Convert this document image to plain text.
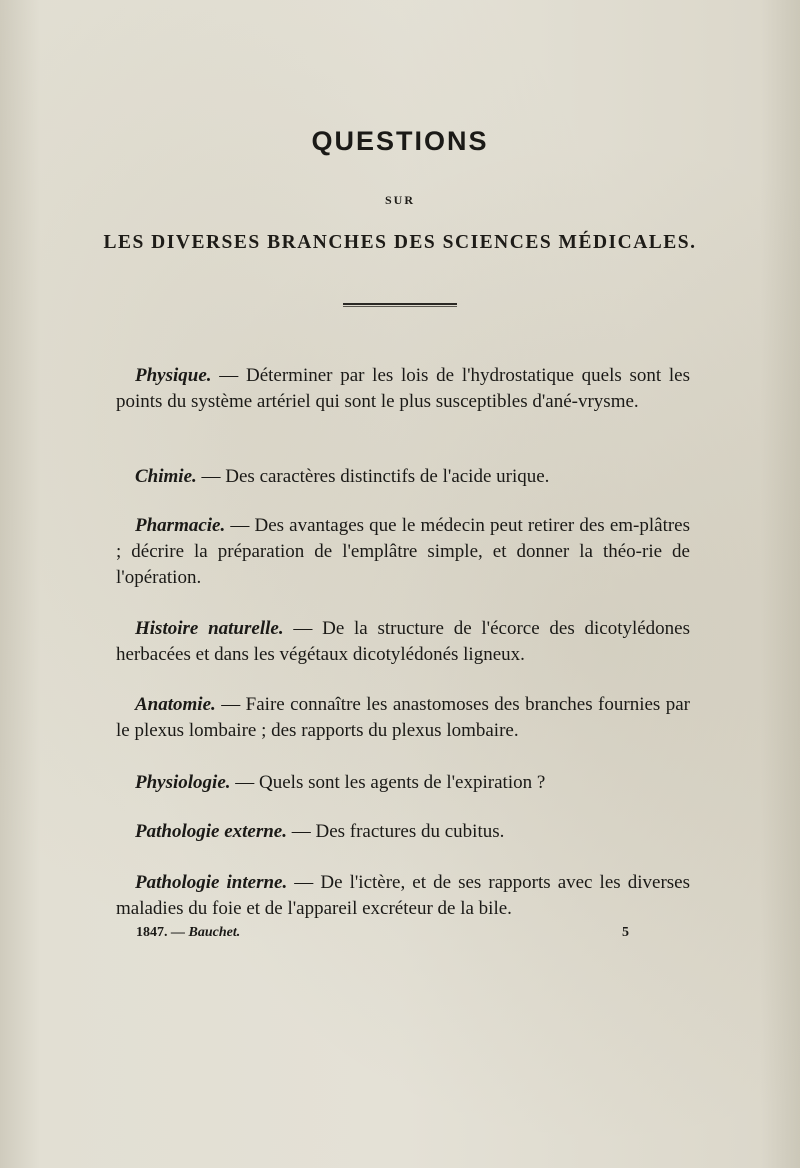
QUESTIONS
SUR
LES DIVERSES BRANCHES DES SCIENCES MÉDICALES.
Physique. — Déterminer par les lois de l'hydrostatique quels sont les points du système artériel qui sont le plus susceptibles d'ané-vrysme.
Chimie. — Des caractères distinctifs de l'acide urique.
Pharmacie. — Des avantages que le médecin peut retirer des em-plâtres ; décrire la préparation de l'emplâtre simple, et donner la théo-rie de l'opération.
Histoire naturelle. — De la structure de l'écorce des dicotylédones herbacées et dans les végétaux dicotylédonés ligneux.
Anatomie. — Faire connaître les anastomoses des branches fournies par le plexus lombaire ; des rapports du plexus lombaire.
Physiologie. — Quels sont les agents de l'expiration ?
Pathologie externe. — Des fractures du cubitus.
Pathologie interne. — De l'ictère, et de ses rapports avec les diverses maladies du foie et de l'appareil excréteur de la bile.
1847. — Bauchet.	5
